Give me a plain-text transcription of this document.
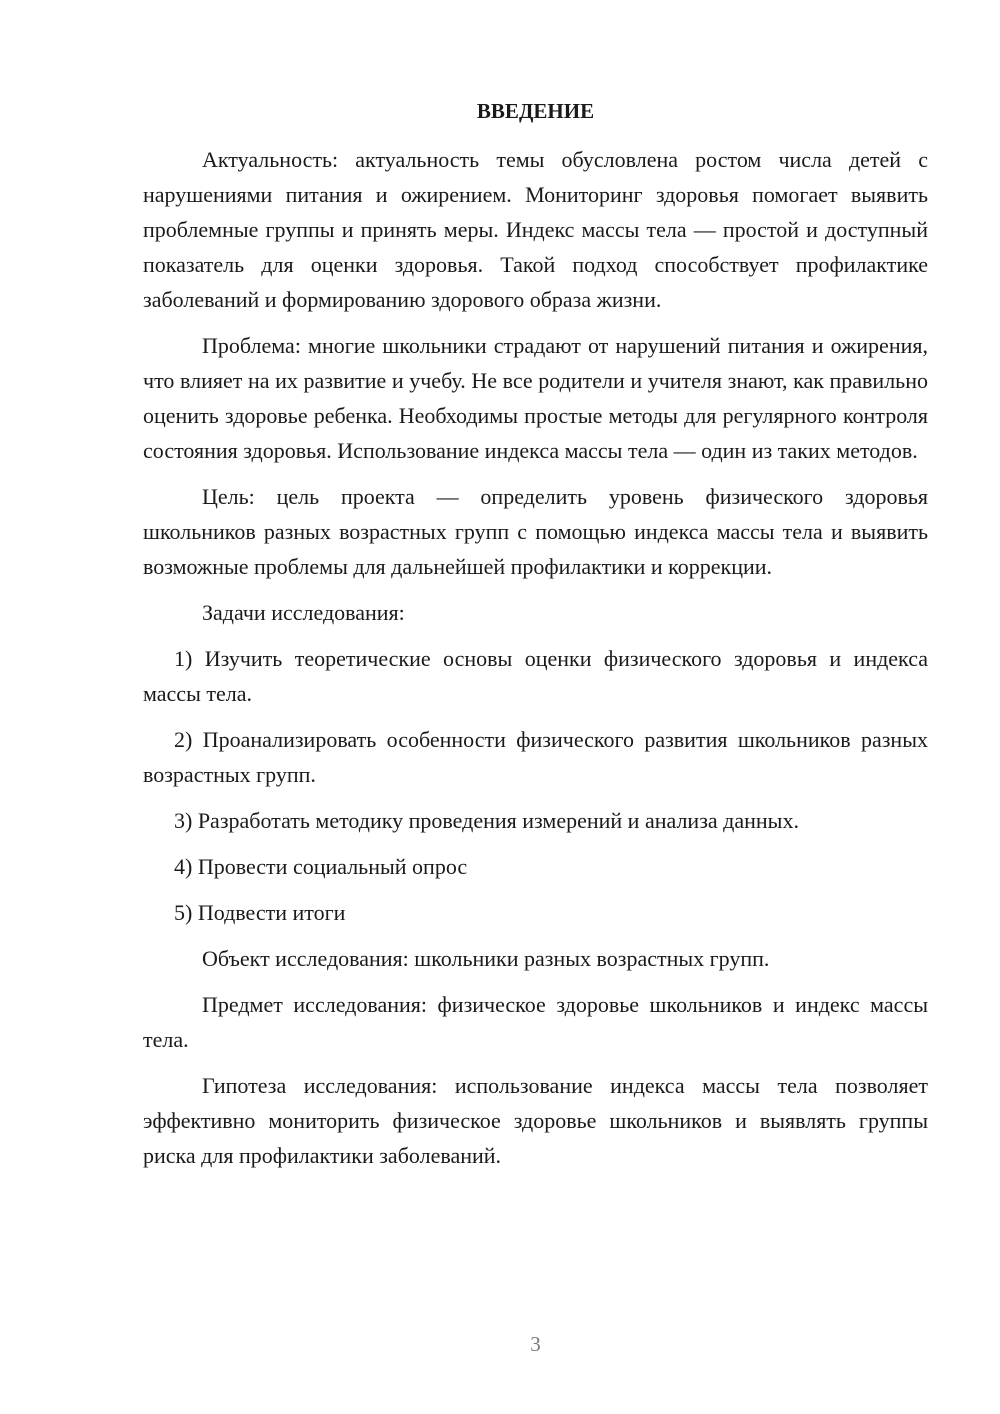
ВВЕДЕНИЕ

Актуальность: актуальность темы обусловлена ростом числа детей с нарушениями питания и ожирением. Мониторинг здоровья помогает выявить проблемные группы и принять меры. Индекс массы тела — простой и доступный показатель для оценки здоровья. Такой подход способствует профилактике заболеваний и формированию здорового образа жизни.

Проблема: многие школьники страдают от нарушений питания и ожирения, что влияет на их развитие и учебу. Не все родители и учителя знают, как правильно оценить здоровье ребенка. Необходимы простые методы для регулярного контроля состояния здоровья. Использование индекса массы тела — один из таких методов.

Цель: цель проекта — определить уровень физического здоровья школьников разных возрастных групп с помощью индекса массы тела и выявить возможные проблемы для дальнейшей профилактики и коррекции.

Задачи исследования:

1) Изучить теоретические основы оценки физического здоровья и индекса массы тела.

2) Проанализировать особенности физического развития школьников разных возрастных групп.

3) Разработать методику проведения измерений и анализа данных.

4) Провести социальный опрос

5) Подвести итоги

Объект исследования: школьники разных возрастных групп.

Предмет исследования: физическое здоровье школьников и индекс массы тела.

Гипотеза исследования: использование индекса массы тела позволяет эффективно мониторить физическое здоровье школьников и выявлять группы риска для профилактики заболеваний.

3
